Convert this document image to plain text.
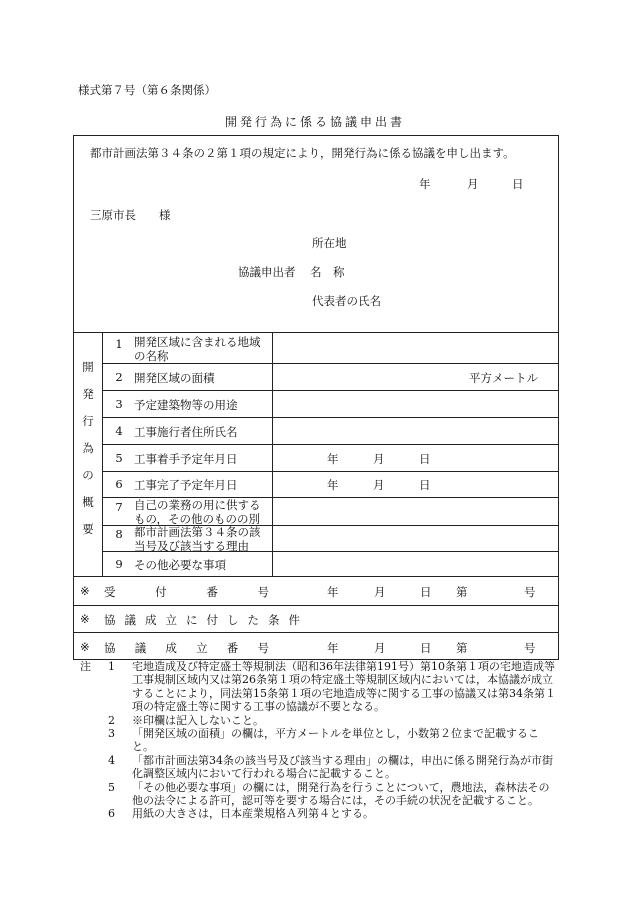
様式第７号（第６条関係）
開発行為に係る協議申出書
都市計画法第３４条の２第１項の規定により，開発行為に係る協議を申し出ます。
年	月	日
三原市長　　様
所在地
協議申出者 名　称
代表者の氏名
開
発
行
為
の
概
要
1 開発区域に含まれる地域の名称
2 開発区域の面積	平方メートル
3 予定建築物等の用途
4 工事施行者住所氏名
5 工事着手予定年月日	年　　　月　　　日
6 工事完了予定年月日	年　　　月　　　日
7 自己の業務の用に供するもの，その他のものの別
8 都市計画法第３４条の該当号及び該当する理由
9 その他必要な事項
※ 受	付	番	号	年	月	日 第	号
※ 協 議 成 立 に 付 し た 条 件
※ 協 議 成 立 番 号	年	月	日 第	号
注 1 宅地造成及び特定盛土等規制法（昭和36年法律第191号）第10条第１項の宅地造成等工事規制区域内又は第26条第１項の特定盛土等規制区域内においては，本協議が成立することにより，同法第15条第１項の宅地造成等に関する工事の協議又は第34条第１項の特定盛土等に関する工事の協議が不要となる。
2 ※印欄は記入しないこと。
3 「開発区域の面積」の欄は，平方メートルを単位とし，小数第２位まで記載すること。
4 「都市計画法第34条の該当号及び該当する理由」の欄は，申出に係る開発行為が市街化調整区域内において行われる場合に記載すること。
5 「その他必要な事項」の欄には，開発行為を行うことについて，農地法，森林法その他の法令による許可，認可等を要する場合には，その手続の状況を記載すること。
6 用紙の大きさは，日本産業規格Ａ列第４とする。
